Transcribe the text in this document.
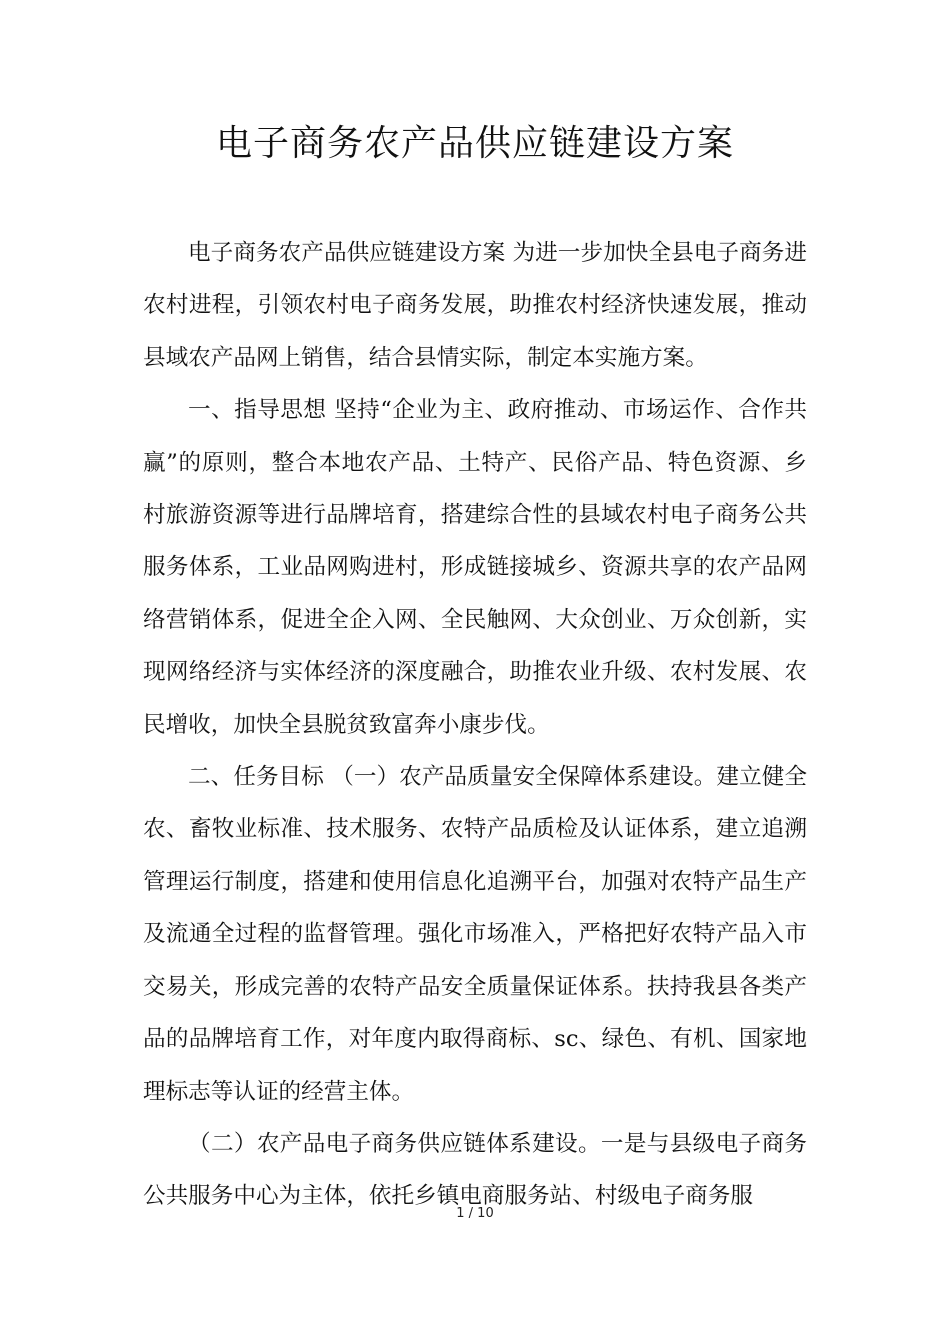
电子商务农产品供应链建设方案

电子商务农产品供应链建设方案 为进一步加快全县电子商务进农村进程，引领农村电子商务发展，助推农村经济快速发展，推动县域农产品网上销售，结合县情实际，制定本实施方案。

一、指导思想 坚持“企业为主、政府推动、市场运作、合作共赢”的原则，整合本地农产品、土特产、民俗产品、特色资源、乡村旅游资源等进行品牌培育，搭建综合性的县域农村电子商务公共服务体系，工业品网购进村，形成链接城乡、资源共享的农产品网络营销体系，促进全企入网、全民触网、大众创业、万众创新，实现网络经济与实体经济的深度融合，助推农业升级、农村发展、农民增收，加快全县脱贫致富奔小康步伐。

二、任务目标 （一）农产品质量安全保障体系建设。建立健全农、畜牧业标准、技术服务、农特产品质检及认证体系，建立追溯管理运行制度，搭建和使用信息化追溯平台，加强对农特产品生产及流通全过程的监督管理。强化市场准入，严格把好农特产品入市交易关，形成完善的农特产品安全质量保证体系。扶持我县各类产品的品牌培育工作，对年度内取得商标、sc、绿色、有机、国家地理标志等认证的经营主体。

（二）农产品电子商务供应链体系建设。一是与县级电子商务公共服务中心为主体，依托乡镇电商服务站、村级电子商务服

1 / 10
